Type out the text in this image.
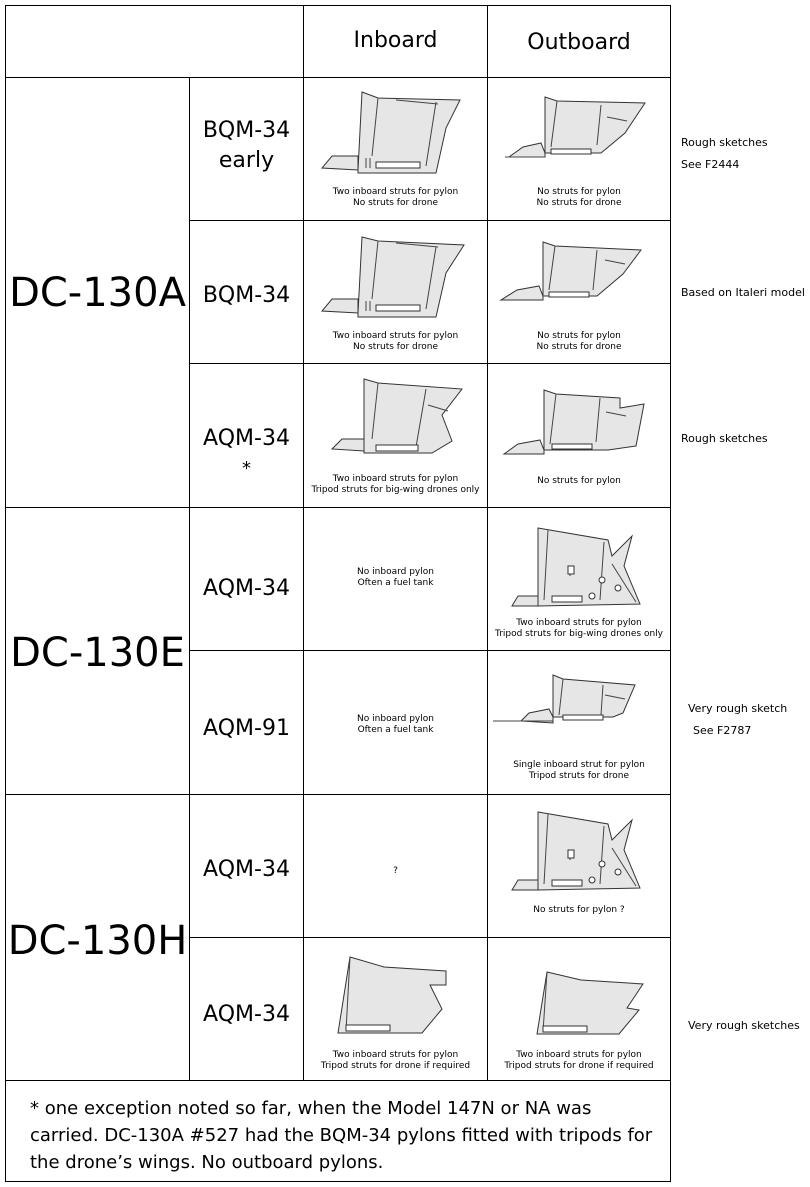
Inboard	Outboard
DC-130A
DC-130E
DC-130H
BQM-34
early
BQM-34
AQM-34
*
AQM-34
AQM-91
AQM-34
AQM-34
Two inboard struts for pylon
No struts for drone
No struts for pylon
No struts for drone
Two inboard struts for pylon
No struts for drone
No struts for pylon
No struts for drone
Two inboard struts for pylon
Tripod struts for big-wing drones only
No struts for pylon
No inboard pylon
Often a fuel tank
Two inboard struts for pylon
Tripod struts for big-wing drones only
No inboard pylon
Often a fuel tank
Single inboard strut for pylon
Tripod struts for drone
?
No struts for pylon ?
Two inboard struts for pylon
Tripod struts for drone if required
Two inboard struts for pylon
Tripod struts for drone if required
Rough sketches
See F2444
Based on Italeri model
Rough sketches
Very rough sketch
See F2787
Very rough sketches
* one exception noted so far, when the Model 147N or NA was carried. DC-130A #527 had the BQM-34 pylons fitted with tripods for the drone’s wings. No outboard pylons.
